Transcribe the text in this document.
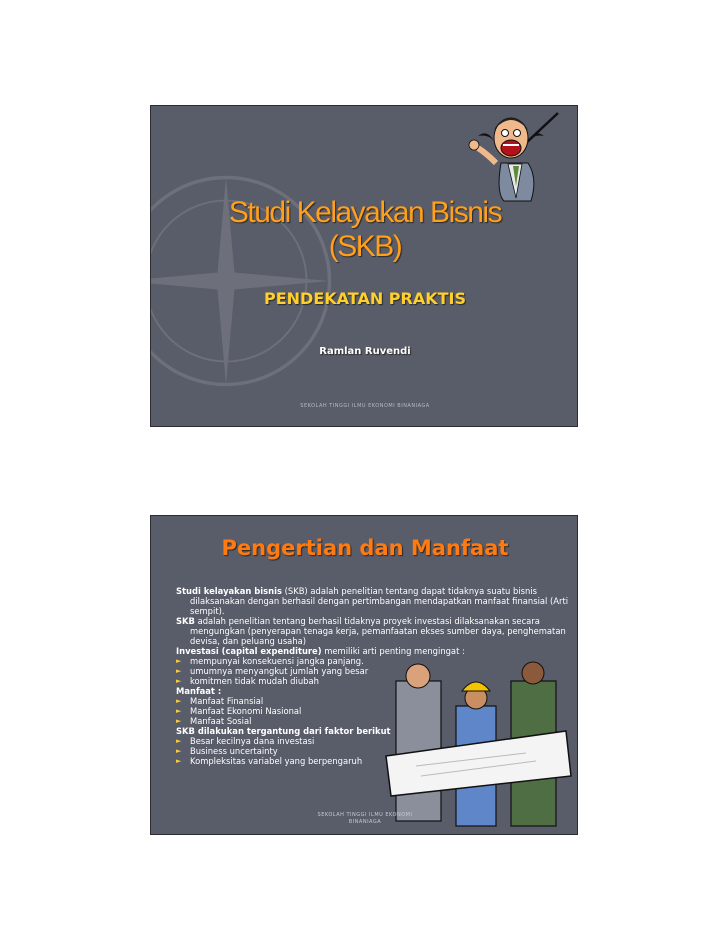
Studi Kelayakan Bisnis
(SKB)
PENDEKATAN PRAKTIS
Ramlan Ruvendi
SEKOLAH TINGGI ILMU EKONOMI BINANIAGA
Pengertian dan Manfaat

Studi kelayakan bisnis (SKB) adalah penelitian tentang dapat tidaknya suatu bisnis dilaksanakan dengan berhasil dengan pertimbangan mendapatkan manfaat finansial (Arti sempit).

SKB adalah penelitian tentang berhasil tidaknya proyek investasi dilaksanakan secara mengungkan (penyerapan tenaga kerja, pemanfaatan ekses sumber daya, penghematan devisa, dan peluang usaha)

Investasi (capital expenditure) memiliki arti penting mengingat :

► mempunyai konsekuensi jangka panjang.
► umumnya menyangkut jumlah yang besar
► komitmen tidak mudah diubah

Manfaat :

► Manfaat Finansial
► Manfaat Ekonomi Nasional
► Manfaat Sosial

SKB dilakukan tergantung dari faktor berikut

► Besar kecilnya dana investasi
► Business uncertainty
► Kompleksitas variabel yang berpengaruh
SEKOLAH TINGGI ILMU EKONOMI
BINANIAGA
